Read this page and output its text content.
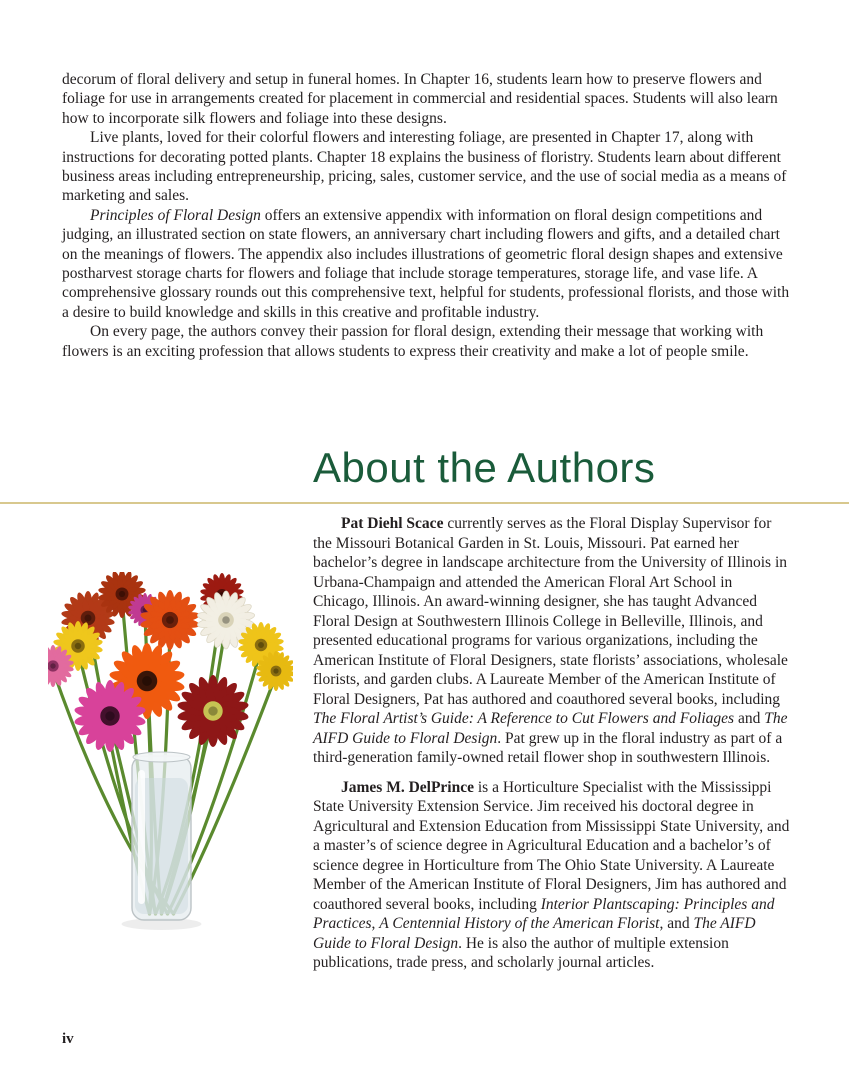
decorum of floral delivery and setup in funeral homes. In Chapter 16, students learn how to preserve flowers and foliage for use in arrangements created for placement in commercial and residential spaces. Students will also learn how to incorporate silk flowers and foliage into these designs.

Live plants, loved for their colorful flowers and interesting foliage, are presented in Chapter 17, along with instructions for decorating potted plants. Chapter 18 explains the business of floristry. Students learn about different business areas including entrepreneurship, pricing, sales, customer service, and the use of social media as a means of marketing and sales.

Principles of Floral Design offers an extensive appendix with information on floral design competitions and judging, an illustrated section on state flowers, an anniversary chart including flowers and gifts, and a detailed chart on the meanings of flowers. The appendix also includes illustrations of geometric floral design shapes and extensive postharvest storage charts for flowers and foliage that include storage temperatures, storage life, and vase life. A comprehensive glossary rounds out this comprehensive text, helpful for students, professional florists, and those with a desire to build knowledge and skills in this creative and profitable industry.

On every page, the authors convey their passion for floral design, extending their message that working with flowers is an exciting profession that allows students to express their creativity and make a lot of people smile.

About the Authors

Pat Diehl Scace currently serves as the Floral Display Supervisor for the Missouri Botanical Garden in St. Louis, Missouri. Pat earned her bachelor’s degree in landscape architecture from the University of Illinois in Urbana-Champaign and attended the American Floral Art School in Chicago, Illinois. An award-winning designer, she has taught Advanced Floral Design at Southwestern Illinois College in Belleville, Illinois, and presented educational programs for various organizations, including the American Institute of Floral Designers, state florists’ associations, wholesale florists, and garden clubs. A Laureate Member of the American Institute of Floral Designers, Pat has authored and coauthored several books, including The Floral Artist’s Guide: A Reference to Cut Flowers and Foliages and The AIFD Guide to Floral Design. Pat grew up in the floral industry as part of a third-generation family-owned retail flower shop in southwestern Illinois.

James M. DelPrince is a Horticulture Specialist with the Mississippi State University Extension Service. Jim received his doctoral degree in Agricultural and Extension Education from Mississippi State University, and a master’s of science degree in Agricultural Education and a bachelor’s of science degree in Horticulture from The Ohio State University. A Laureate Member of the American Institute of Floral Designers, Jim has authored and coauthored several books, including Interior Plantscaping: Principles and Practices, A Centennial History of the American Florist, and The AIFD Guide to Floral Design. He is also the author of multiple extension publications, trade press, and scholarly journal articles.

iv
